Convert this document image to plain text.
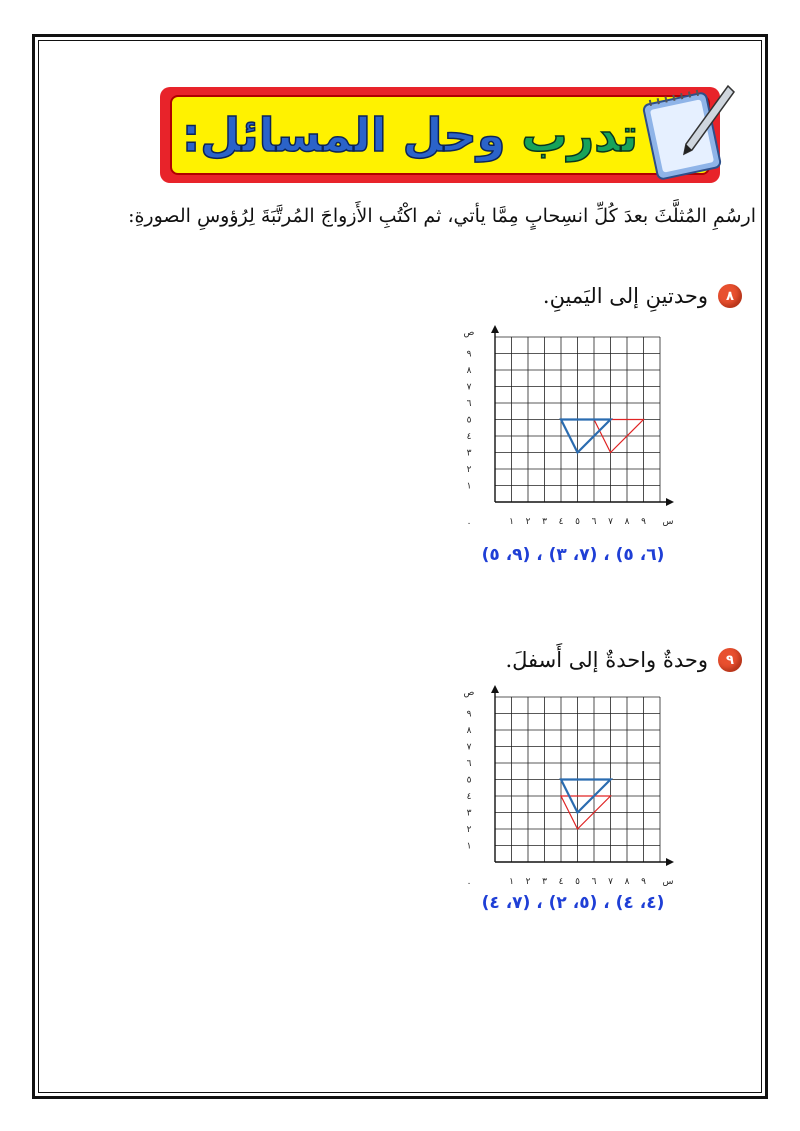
تدرب وحل المسائل:
ارسُمِ المُثلَّثَ بعدَ كُلِّ انسِحابٍ مِمَّا يأتي، ثم اكْتُبِ الأَزواجَ المُرتَّبَةَ لِرُؤوسِ الصورةِ:
٨
وحدتينِ إلى اليَمينِ.
١
١
٢
٢
٣
٣
٤
٤
٥
٥
٦
٦
٧
٧
٨
٨
٩
٩
٠	س
ص
(٦، ٥) ، (٧، ٣) ، (٩، ٥)
٩
وحدةٌ واحدةٌ إلى أَسفلَ.
١
١
٢
٢
٣
٣
٤
٤
٥
٥
٦
٦
٧
٧
٨
٨
٩
٩
٠	س
ص
(٤، ٤) ، (٥، ٢) ، (٧، ٤)
